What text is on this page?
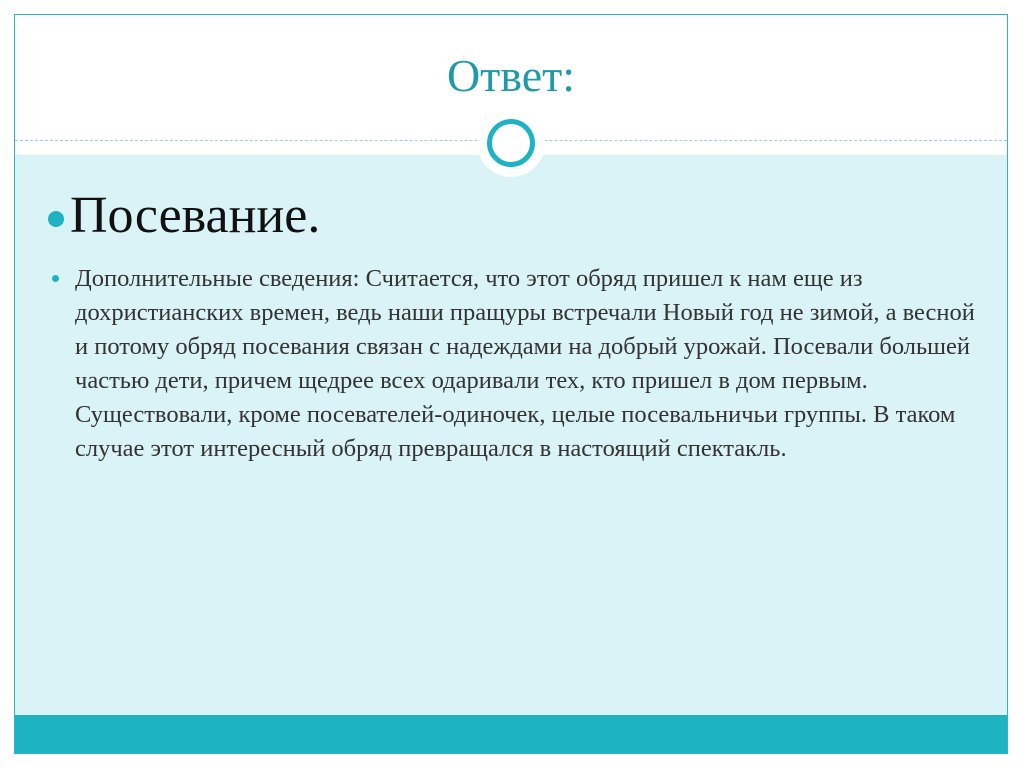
Ответ:
Посевание.
Дополнительные сведения: Считается, что этот обряд пришел к нам еще из дохристианских времен, ведь наши пращуры встречали Новый год не зимой, а весной и потому обряд посевания связан с надеждами на добрый урожай. Посевали большей частью дети, причем щедрее всех одаривали тех, кто пришел в дом первым. Существовали, кроме посевателей-одиночек, целые посевальничьи группы. В таком случае этот интересный обряд превращался в настоящий спектакль.
